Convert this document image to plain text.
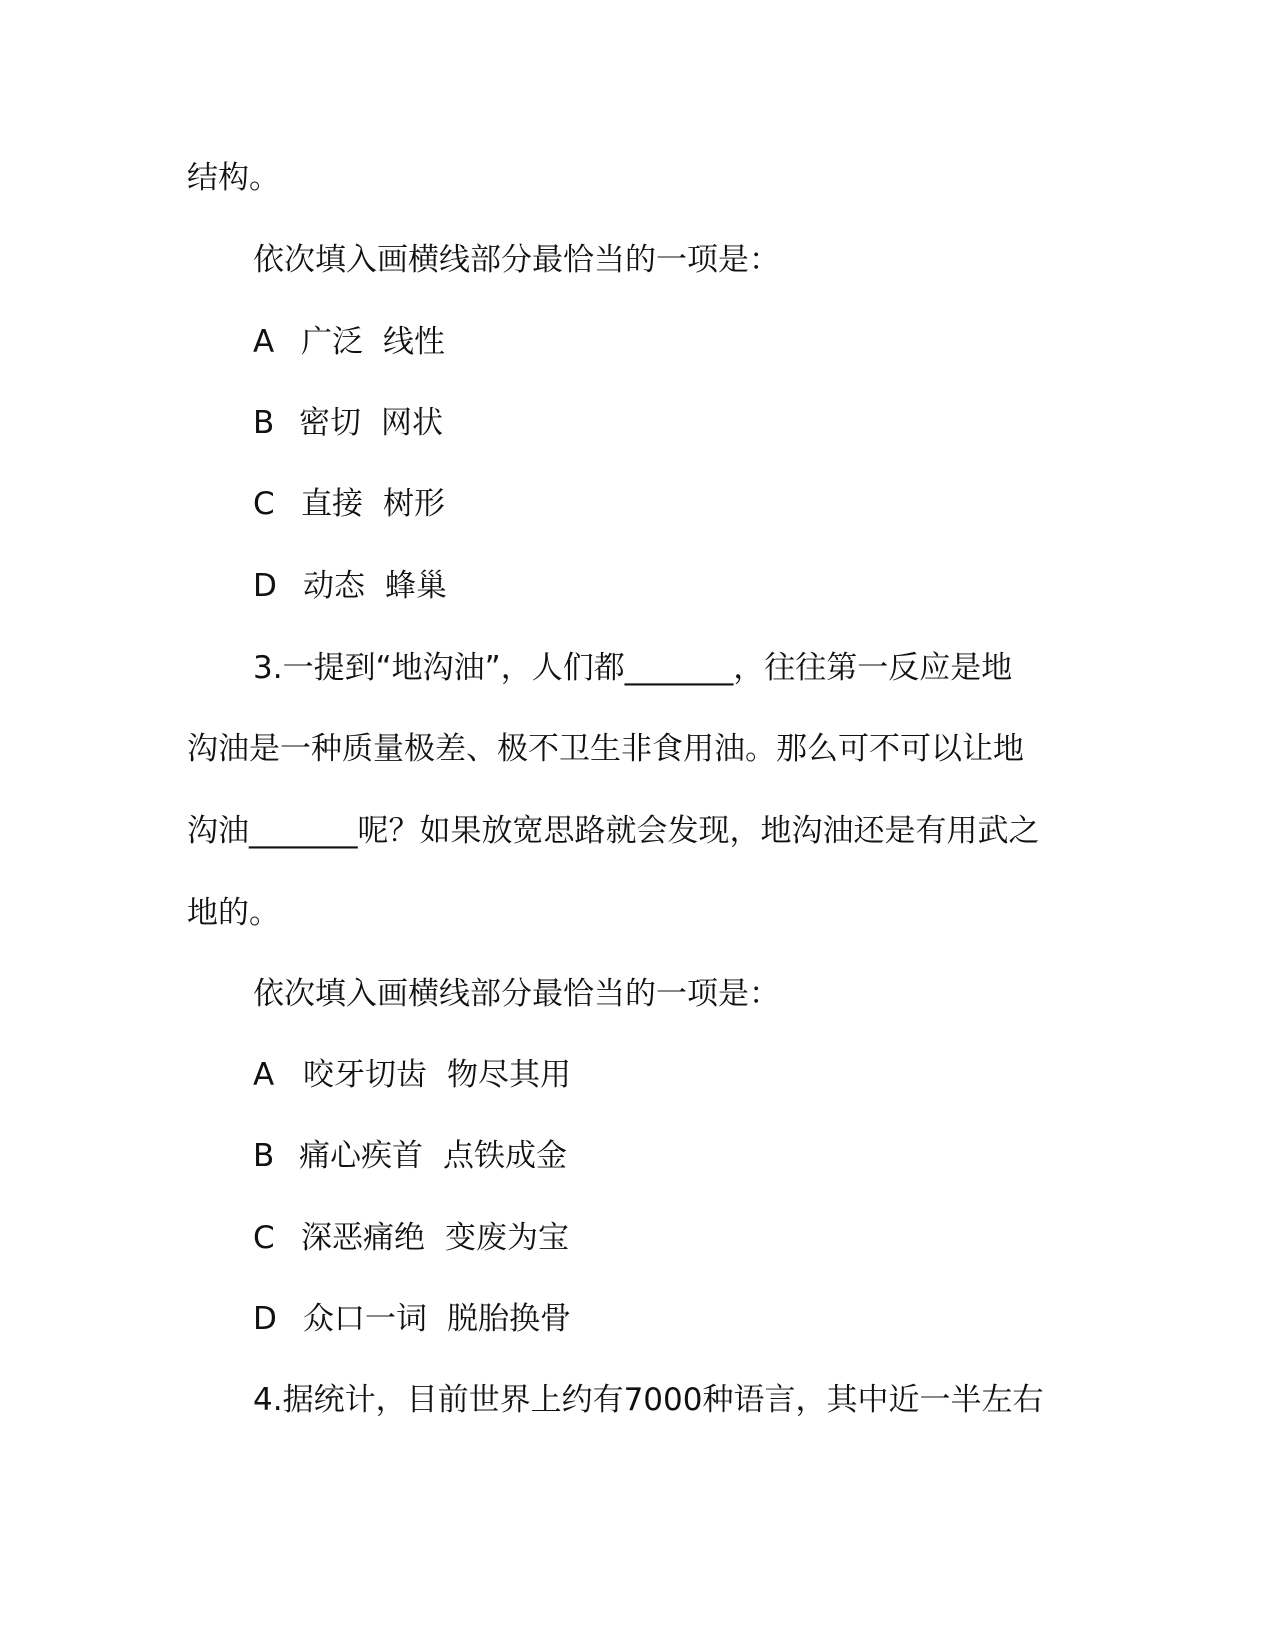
结构。
依次填入画横线部分最恰当的一项是：
A 广泛 线性
B 密切 网状
C 直接 树形
D 动态 蜂巢
3.一提到“地沟油”，人们都_______，往往第一反应是地
沟油是一种质量极差、极不卫生非食用油。那么可不可以让地
沟油_______呢？如果放宽思路就会发现，地沟油还是有用武之
地的。
依次填入画横线部分最恰当的一项是：
A 咬牙切齿 物尽其用
B 痛心疾首 点铁成金
C 深恶痛绝 变废为宝
D 众口一词 脱胎换骨
4.据统计，目前世界上约有7000种语言，其中近一半左右
